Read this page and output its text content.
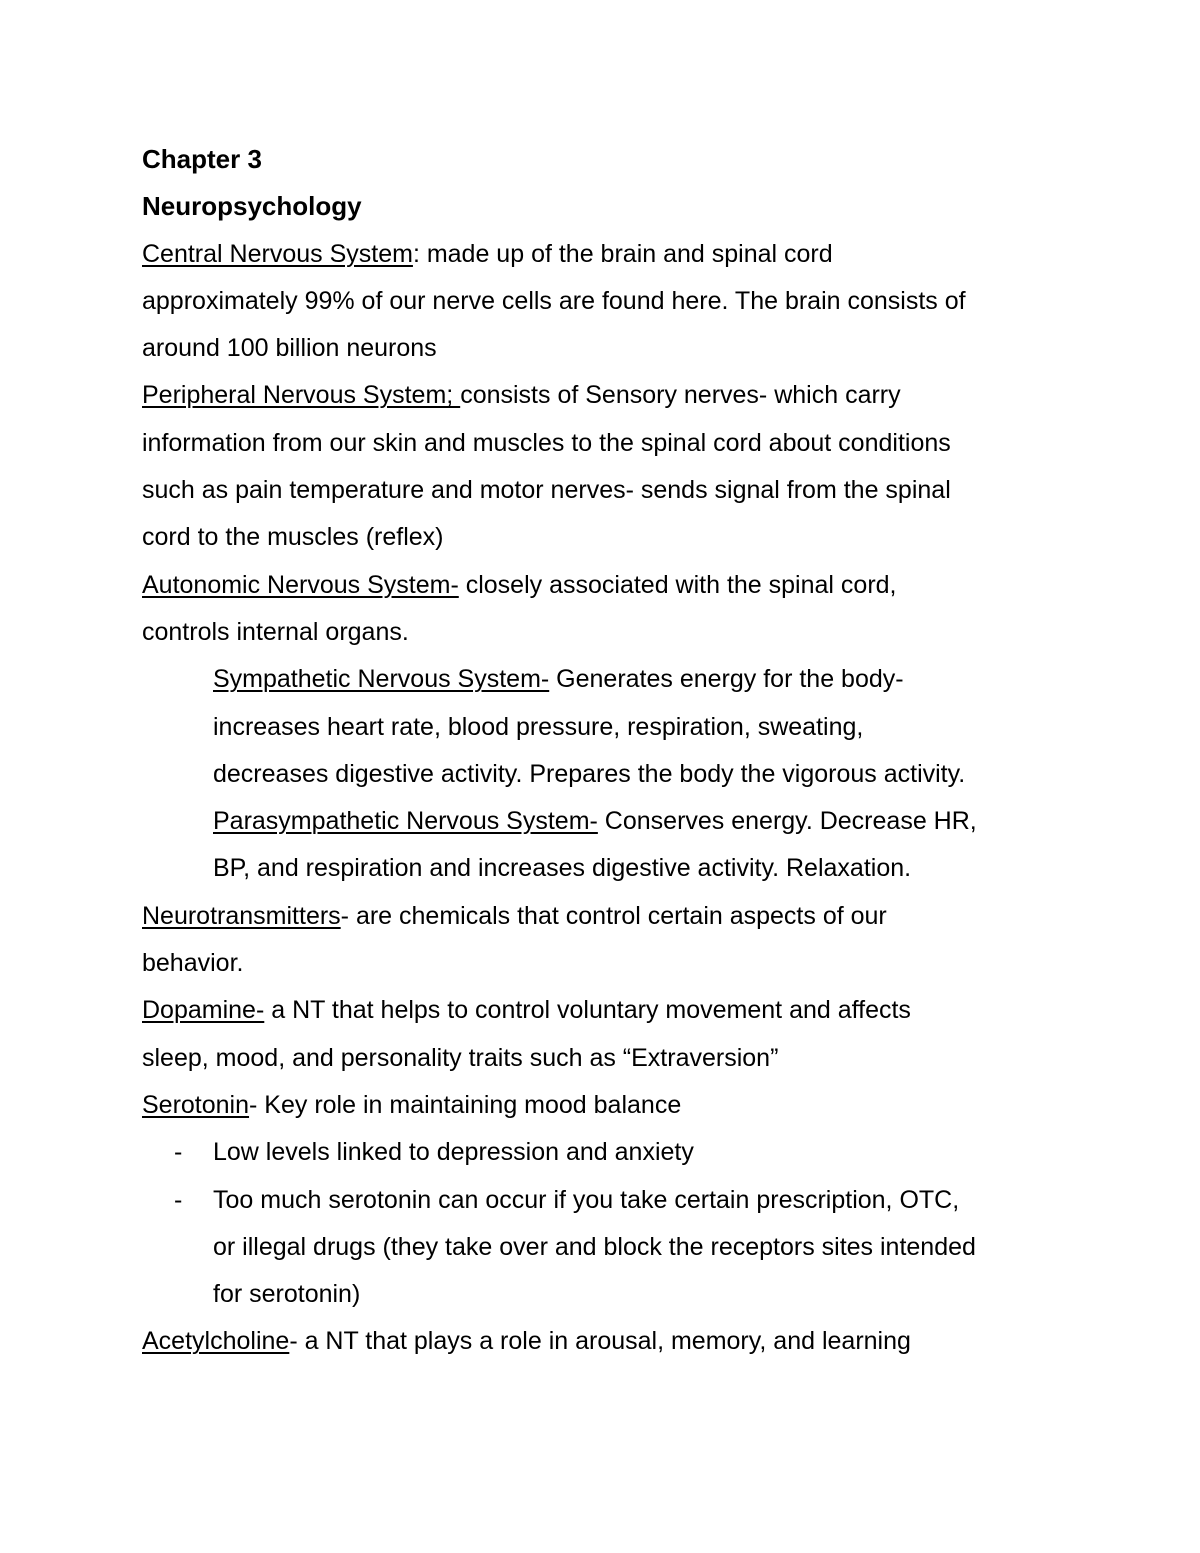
Chapter 3
Neuropsychology
Central Nervous System: made up of the brain and spinal cord
approximately 99% of our nerve cells are found here. The brain consists of
around 100 billion neurons
Peripheral Nervous System; consists of Sensory nerves- which carry
information from our skin and muscles to the spinal cord about conditions
such as pain temperature and motor nerves- sends signal from the spinal
cord to the muscles (reflex)
Autonomic Nervous System- closely associated with the spinal cord,
controls internal organs.
Sympathetic Nervous System- Generates energy for the body-
increases heart rate, blood pressure, respiration, sweating,
decreases digestive activity. Prepares the body the vigorous activity.
Parasympathetic Nervous System- Conserves energy. Decrease HR,
BP, and respiration and increases digestive activity. Relaxation.
Neurotransmitters- are chemicals that control certain aspects of our
behavior.
Dopamine- a NT that helps to control voluntary movement and affects
sleep, mood, and personality traits such as “Extraversion”
Serotonin- Key role in maintaining mood balance
- Low levels linked to depression and anxiety
- Too much serotonin can occur if you take certain prescription, OTC,
or illegal drugs (they take over and block the receptors sites intended
for serotonin)
Acetylcholine- a NT that plays a role in arousal, memory, and learning
